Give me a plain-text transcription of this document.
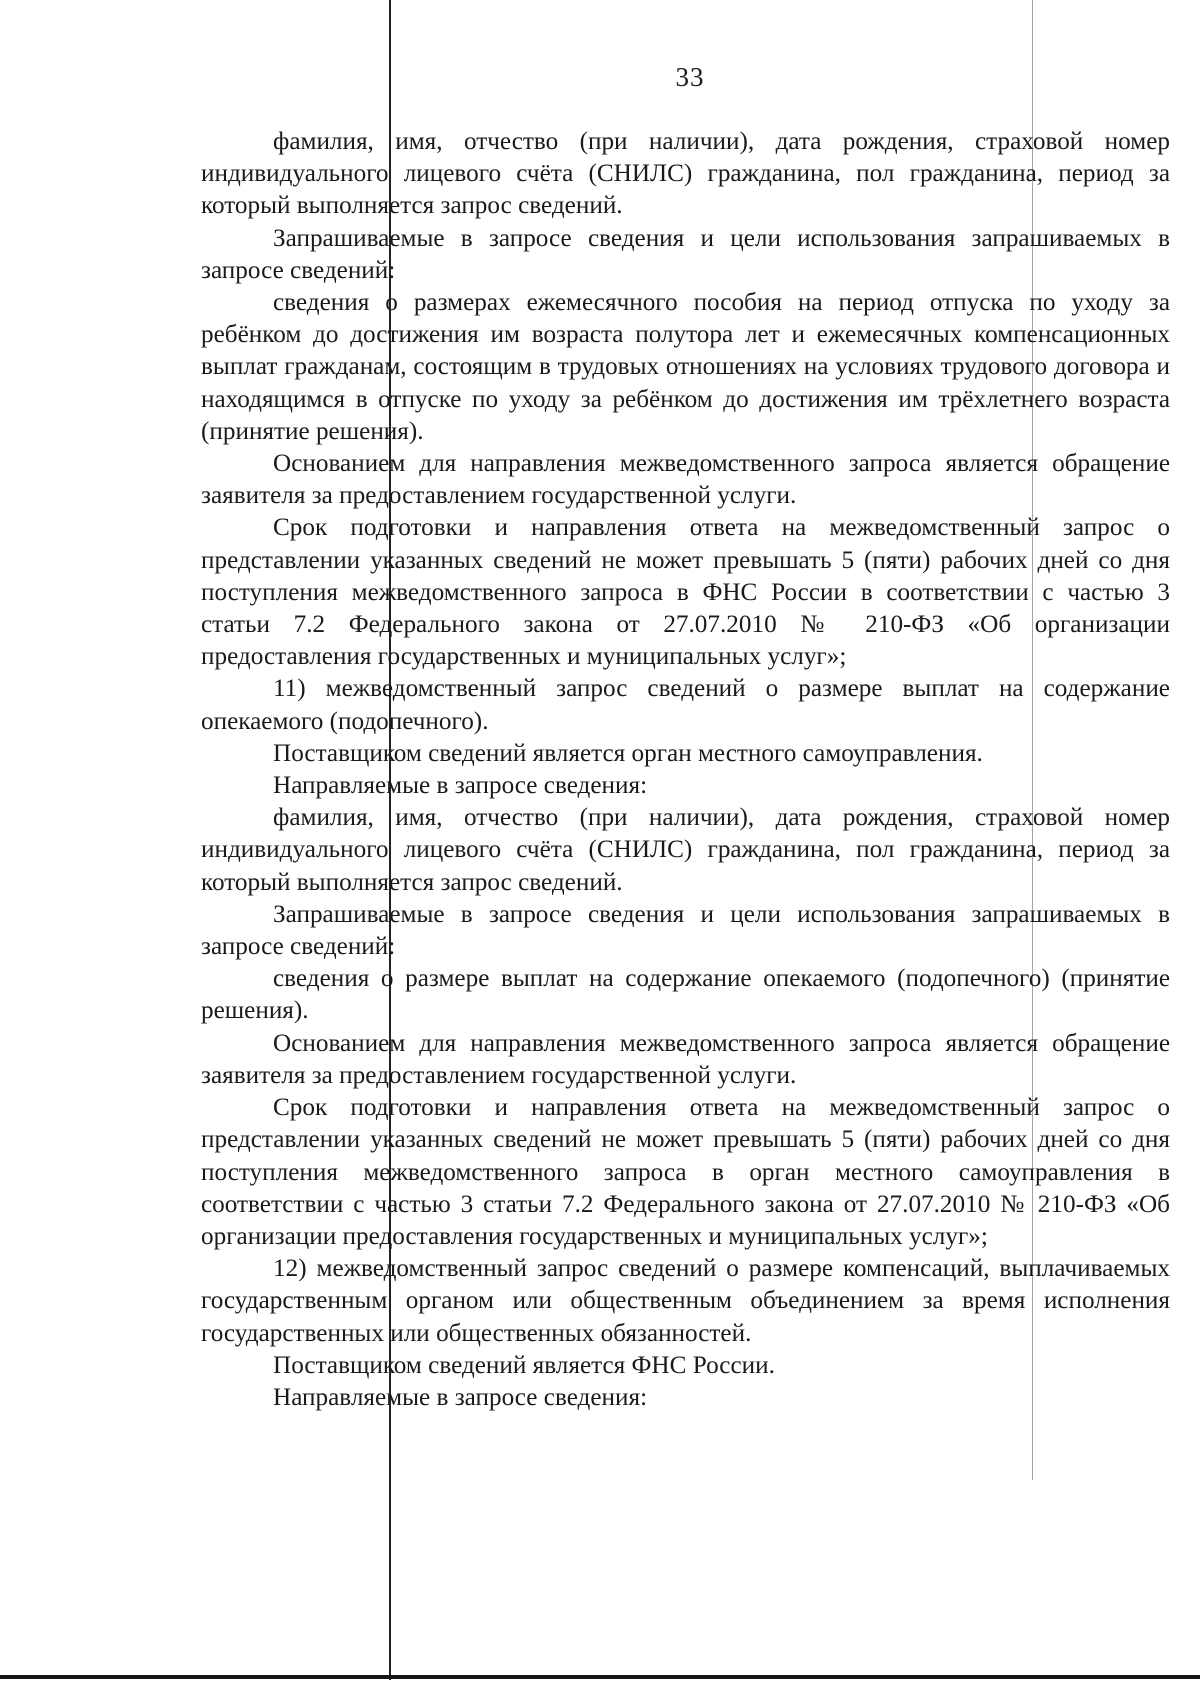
33

фамилия, имя, отчество (при наличии), дата рождения, страховой номер индивидуального лицевого счёта (СНИЛС) гражданина, пол гражданина, период за который выполняется запрос сведений.

Запрашиваемые в запросе сведения и цели использования запрашиваемых в запросе сведений:

сведения о размерах ежемесячного пособия на период отпуска по уходу за ребёнком до достижения им возраста полутора лет и ежемесячных компенсационных выплат гражданам, состоящим в трудовых отношениях на условиях трудового договора и находящимся в отпуске по уходу за ребёнком до достижения им трёхлетнего возраста (принятие решения).

Основанием для направления межведомственного запроса является обращение заявителя за предоставлением государственной услуги.

Срок подготовки и направления ответа на межведомственный запрос о представлении указанных сведений не может превышать 5 (пяти) рабочих дней со дня поступления межведомственного запроса в ФНС России в соответствии с частью 3 статьи 7.2 Федерального закона от 27.07.2010 № 210-ФЗ «Об организации предоставления государственных и муниципальных услуг»;

11) межведомственный запрос сведений о размере выплат на содержание опекаемого (подопечного).

Поставщиком сведений является орган местного самоуправления.

Направляемые в запросе сведения:

фамилия, имя, отчество (при наличии), дата рождения, страховой номер индивидуального лицевого счёта (СНИЛС) гражданина, пол гражданина, период за который выполняется запрос сведений.

Запрашиваемые в запросе сведения и цели использования запрашиваемых в запросе сведений:

сведения о размере выплат на содержание опекаемого (подопечного) (принятие решения).

Основанием для направления межведомственного запроса является обращение заявителя за предоставлением государственной услуги.

Срок подготовки и направления ответа на межведомственный запрос о представлении указанных сведений не может превышать 5 (пяти) рабочих дней со дня поступления межведомственного запроса в орган местного самоуправления в соответствии с частью 3 статьи 7.2 Федерального закона от 27.07.2010 № 210-ФЗ «Об организации предоставления государственных и муниципальных услуг»;

12) межведомственный запрос сведений о размере компенсаций, выплачиваемых государственным органом или общественным объединением за время исполнения государственных или общественных обязанностей.

Поставщиком сведений является ФНС России.

Направляемые в запросе сведения:
